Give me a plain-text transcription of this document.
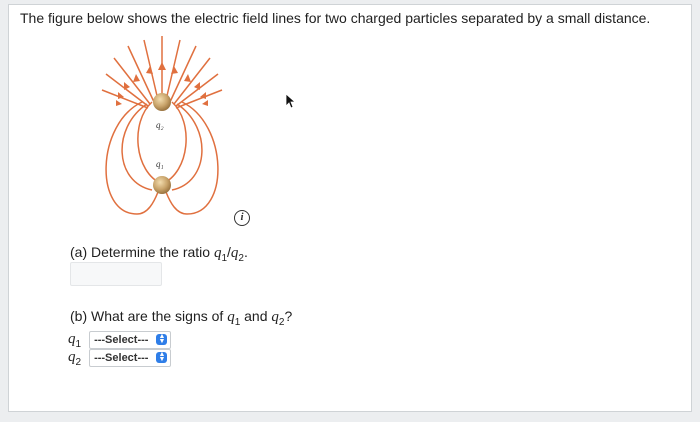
The figure below shows the electric field lines for two charged particles separated by a small distance.
q₂
q₁
i
(a) Determine the ratio $q_1/q_2$.
(b) What are the signs of $q_1$ and $q_2$?
$q_1$ ---Select--- ▲
▼
$q_2$ ---Select--- ▲
▼
